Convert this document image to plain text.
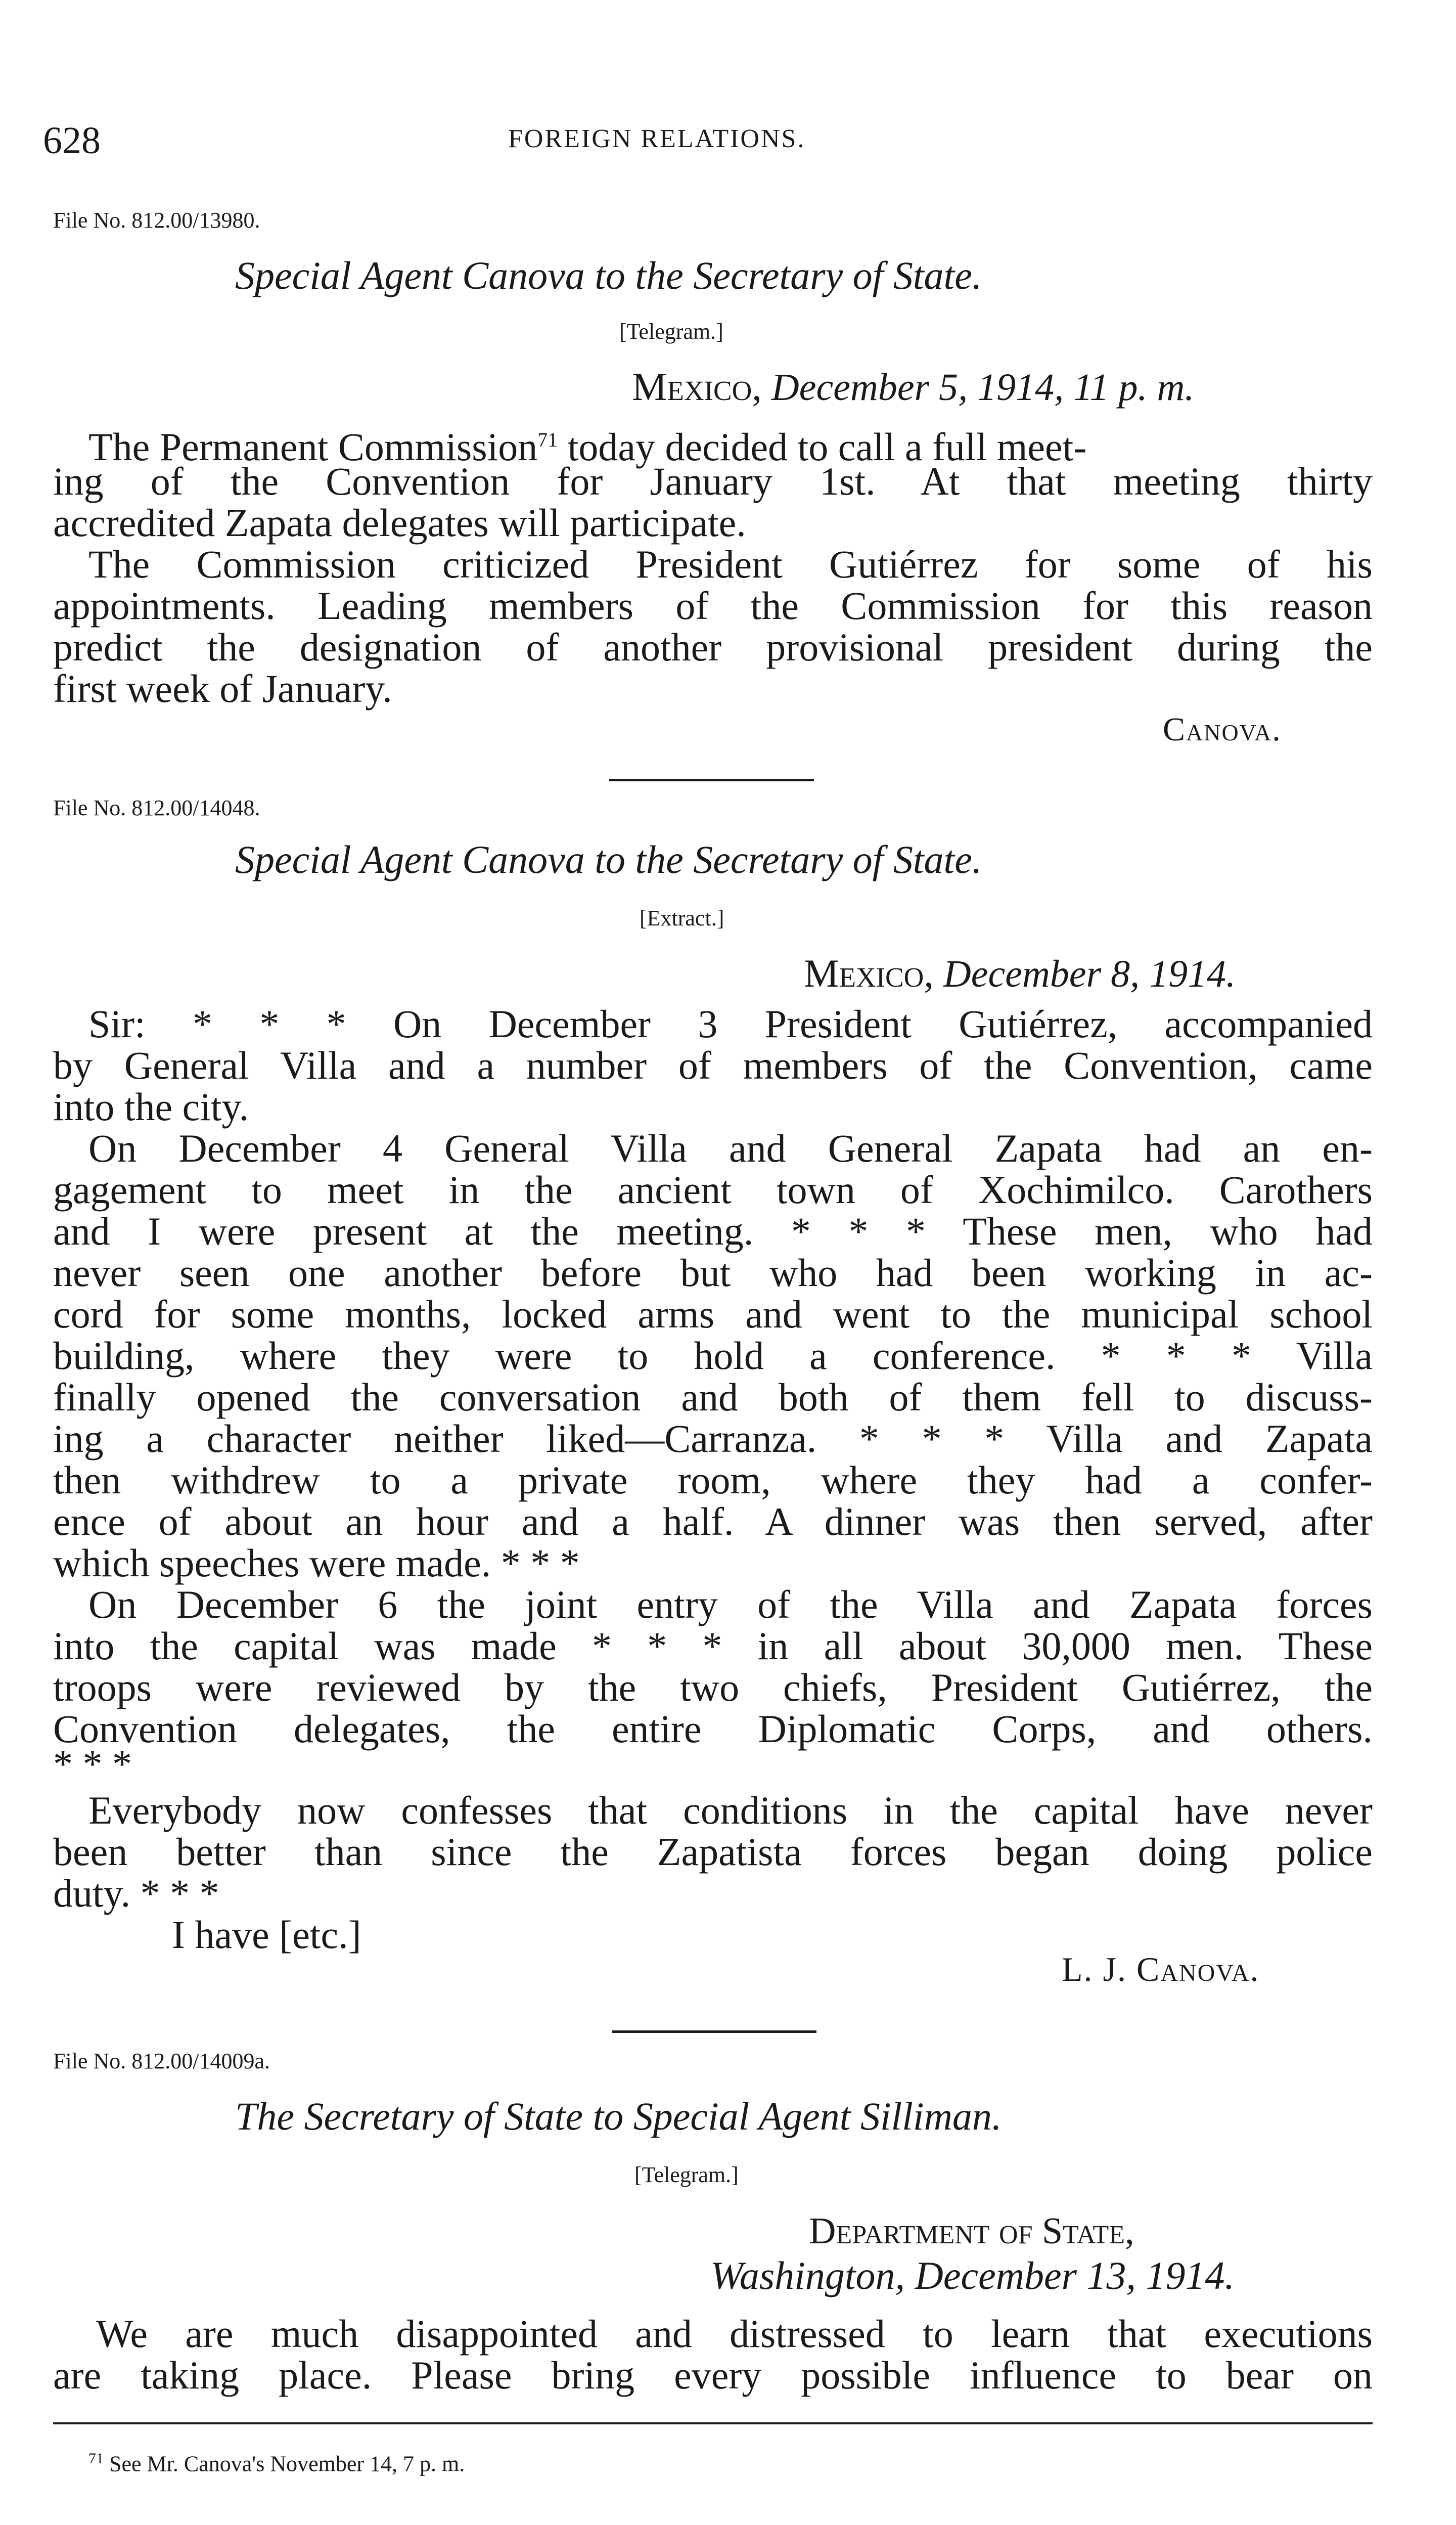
628	FOREIGN RELATIONS.
File No. 812.00/13980.
Special Agent Canova to the Secretary of State.
[Telegram.]
Mexico, December 5, 1914, 11 p. m.
The Permanent Commission$^{71}$ today decided to call a full meet-
ing of the Convention for January 1st. At that meeting thirty
accredited Zapata delegates will participate.
The Commission criticized President Gutiérrez for some of his
appointments. Leading members of the Commission for this reason
predict the designation of another provisional president during the
first week of January.
Canova.
File No. 812.00/14048.
Special Agent Canova to the Secretary of State.
[Extract.]
Mexico, December 8, 1914.
Sir: * * * On December 3 President Gutiérrez, accompanied
by General Villa and a number of members of the Convention, came
into the city.
On December 4 General Villa and General Zapata had an en-
gagement to meet in the ancient town of Xochimilco. Carothers
and I were present at the meeting. * * * These men, who had
never seen one another before but who had been working in ac-
cord for some months, locked arms and went to the municipal school
building, where they were to hold a conference. * * * Villa
finally opened the conversation and both of them fell to discuss-
ing a character neither liked—Carranza. * * * Villa and Zapata
then withdrew to a private room, where they had a confer-
ence of about an hour and a half. A dinner was then served, after
which speeches were made. * * *
On December 6 the joint entry of the Villa and Zapata forces
into the capital was made * * * in all about 30,000 men. These
troops were reviewed by the two chiefs, President Gutiérrez, the
Convention delegates, the entire Diplomatic Corps, and others.
* * *
Everybody now confesses that conditions in the capital have never
been better than since the Zapatista forces began doing police
duty. * * *
I have [etc.]
L. J. Canova.
File No. 812.00/14009a.
The Secretary of State to Special Agent Silliman.
[Telegram.]
Department of State,
Washington, December 13, 1914.
We are much disappointed and distressed to learn that executions
are taking place. Please bring every possible influence to bear on
$^{71}$ See Mr. Canova's November 14, 7 p. m.
